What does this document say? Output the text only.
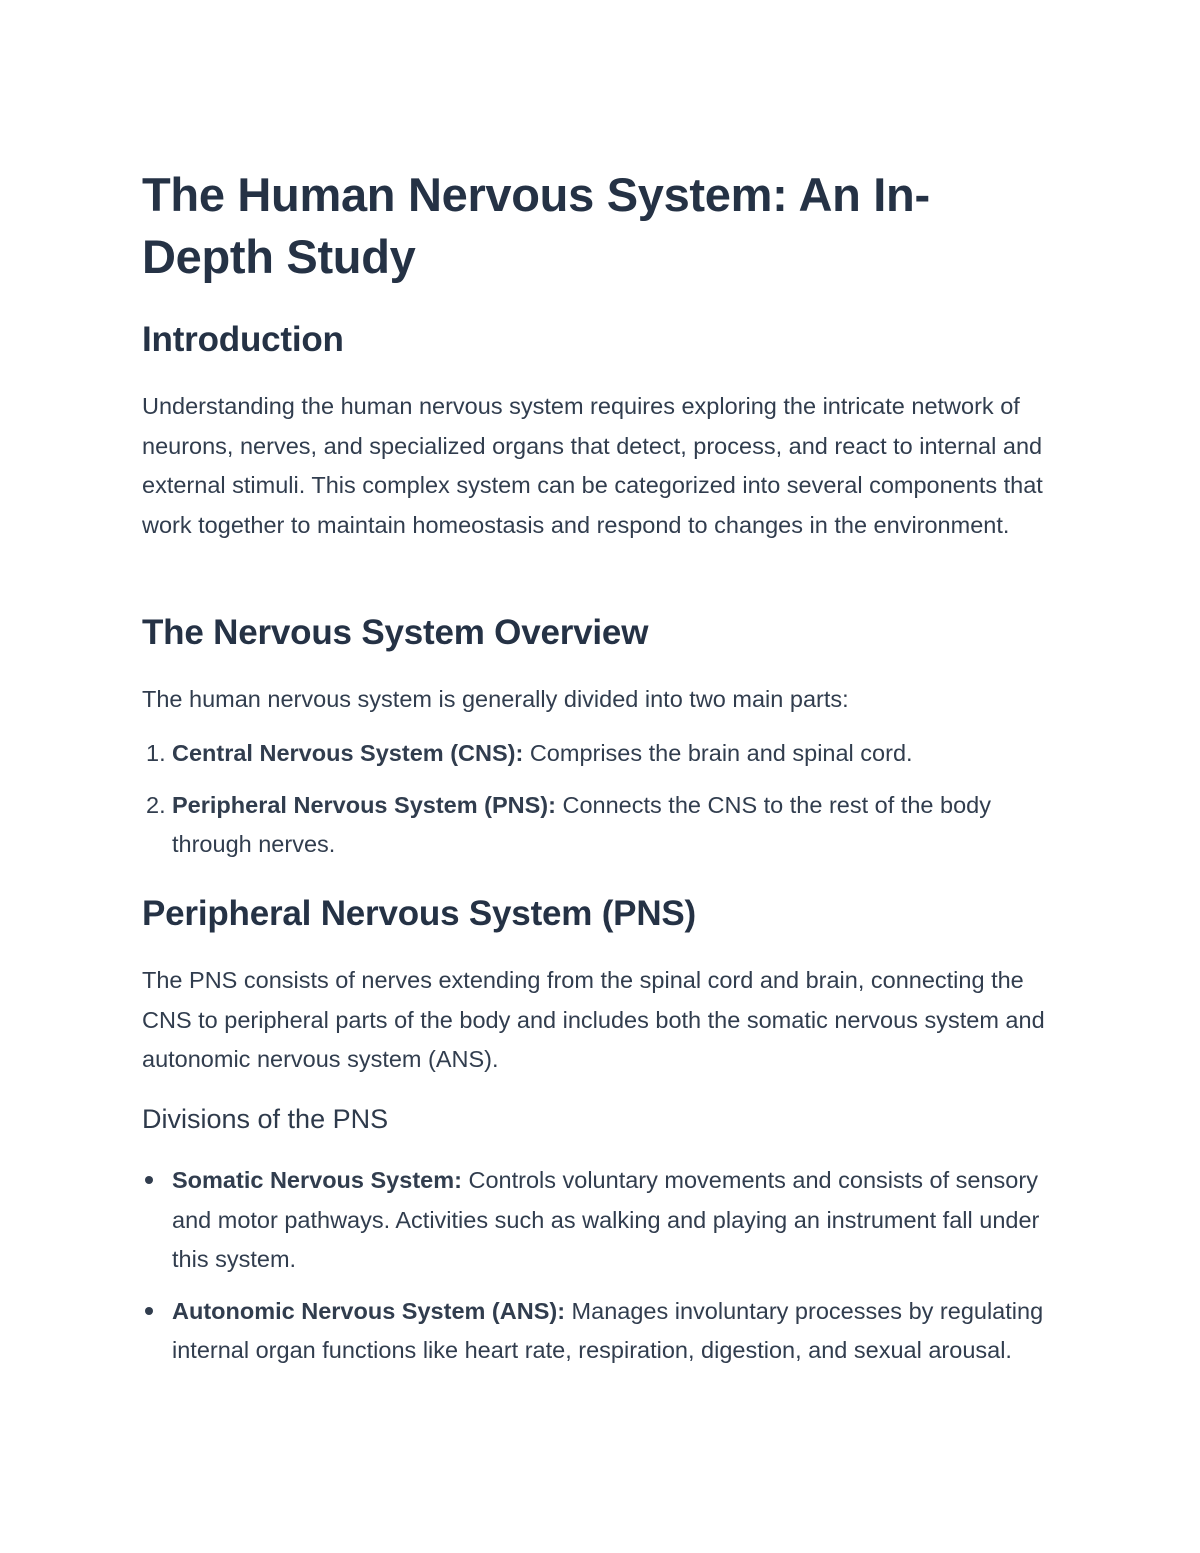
The Human Nervous System: An In-Depth Study
Introduction

Understanding the human nervous system requires exploring the intricate network of neurons, nerves, and specialized organs that detect, process, and react to internal and external stimuli. This complex system can be categorized into several components that work together to maintain homeostasis and respond to changes in the environment.

The Nervous System Overview

The human nervous system is generally divided into two main parts:

1. Central Nervous System (CNS): Comprises the brain and spinal cord.
2. Peripheral Nervous System (PNS): Connects the CNS to the rest of the body through nerves.
Peripheral Nervous System (PNS)

The PNS consists of nerves extending from the spinal cord and brain, connecting the CNS to peripheral parts of the body and includes both the somatic nervous system and autonomic nervous system (ANS).

Divisions of the PNS
Somatic Nervous System: Controls voluntary movements and consists of sensory and motor pathways. Activities such as walking and playing an instrument fall under this system.
Autonomic Nervous System (ANS): Manages involuntary processes by regulating internal organ functions like heart rate, respiration, digestion, and sexual arousal.
